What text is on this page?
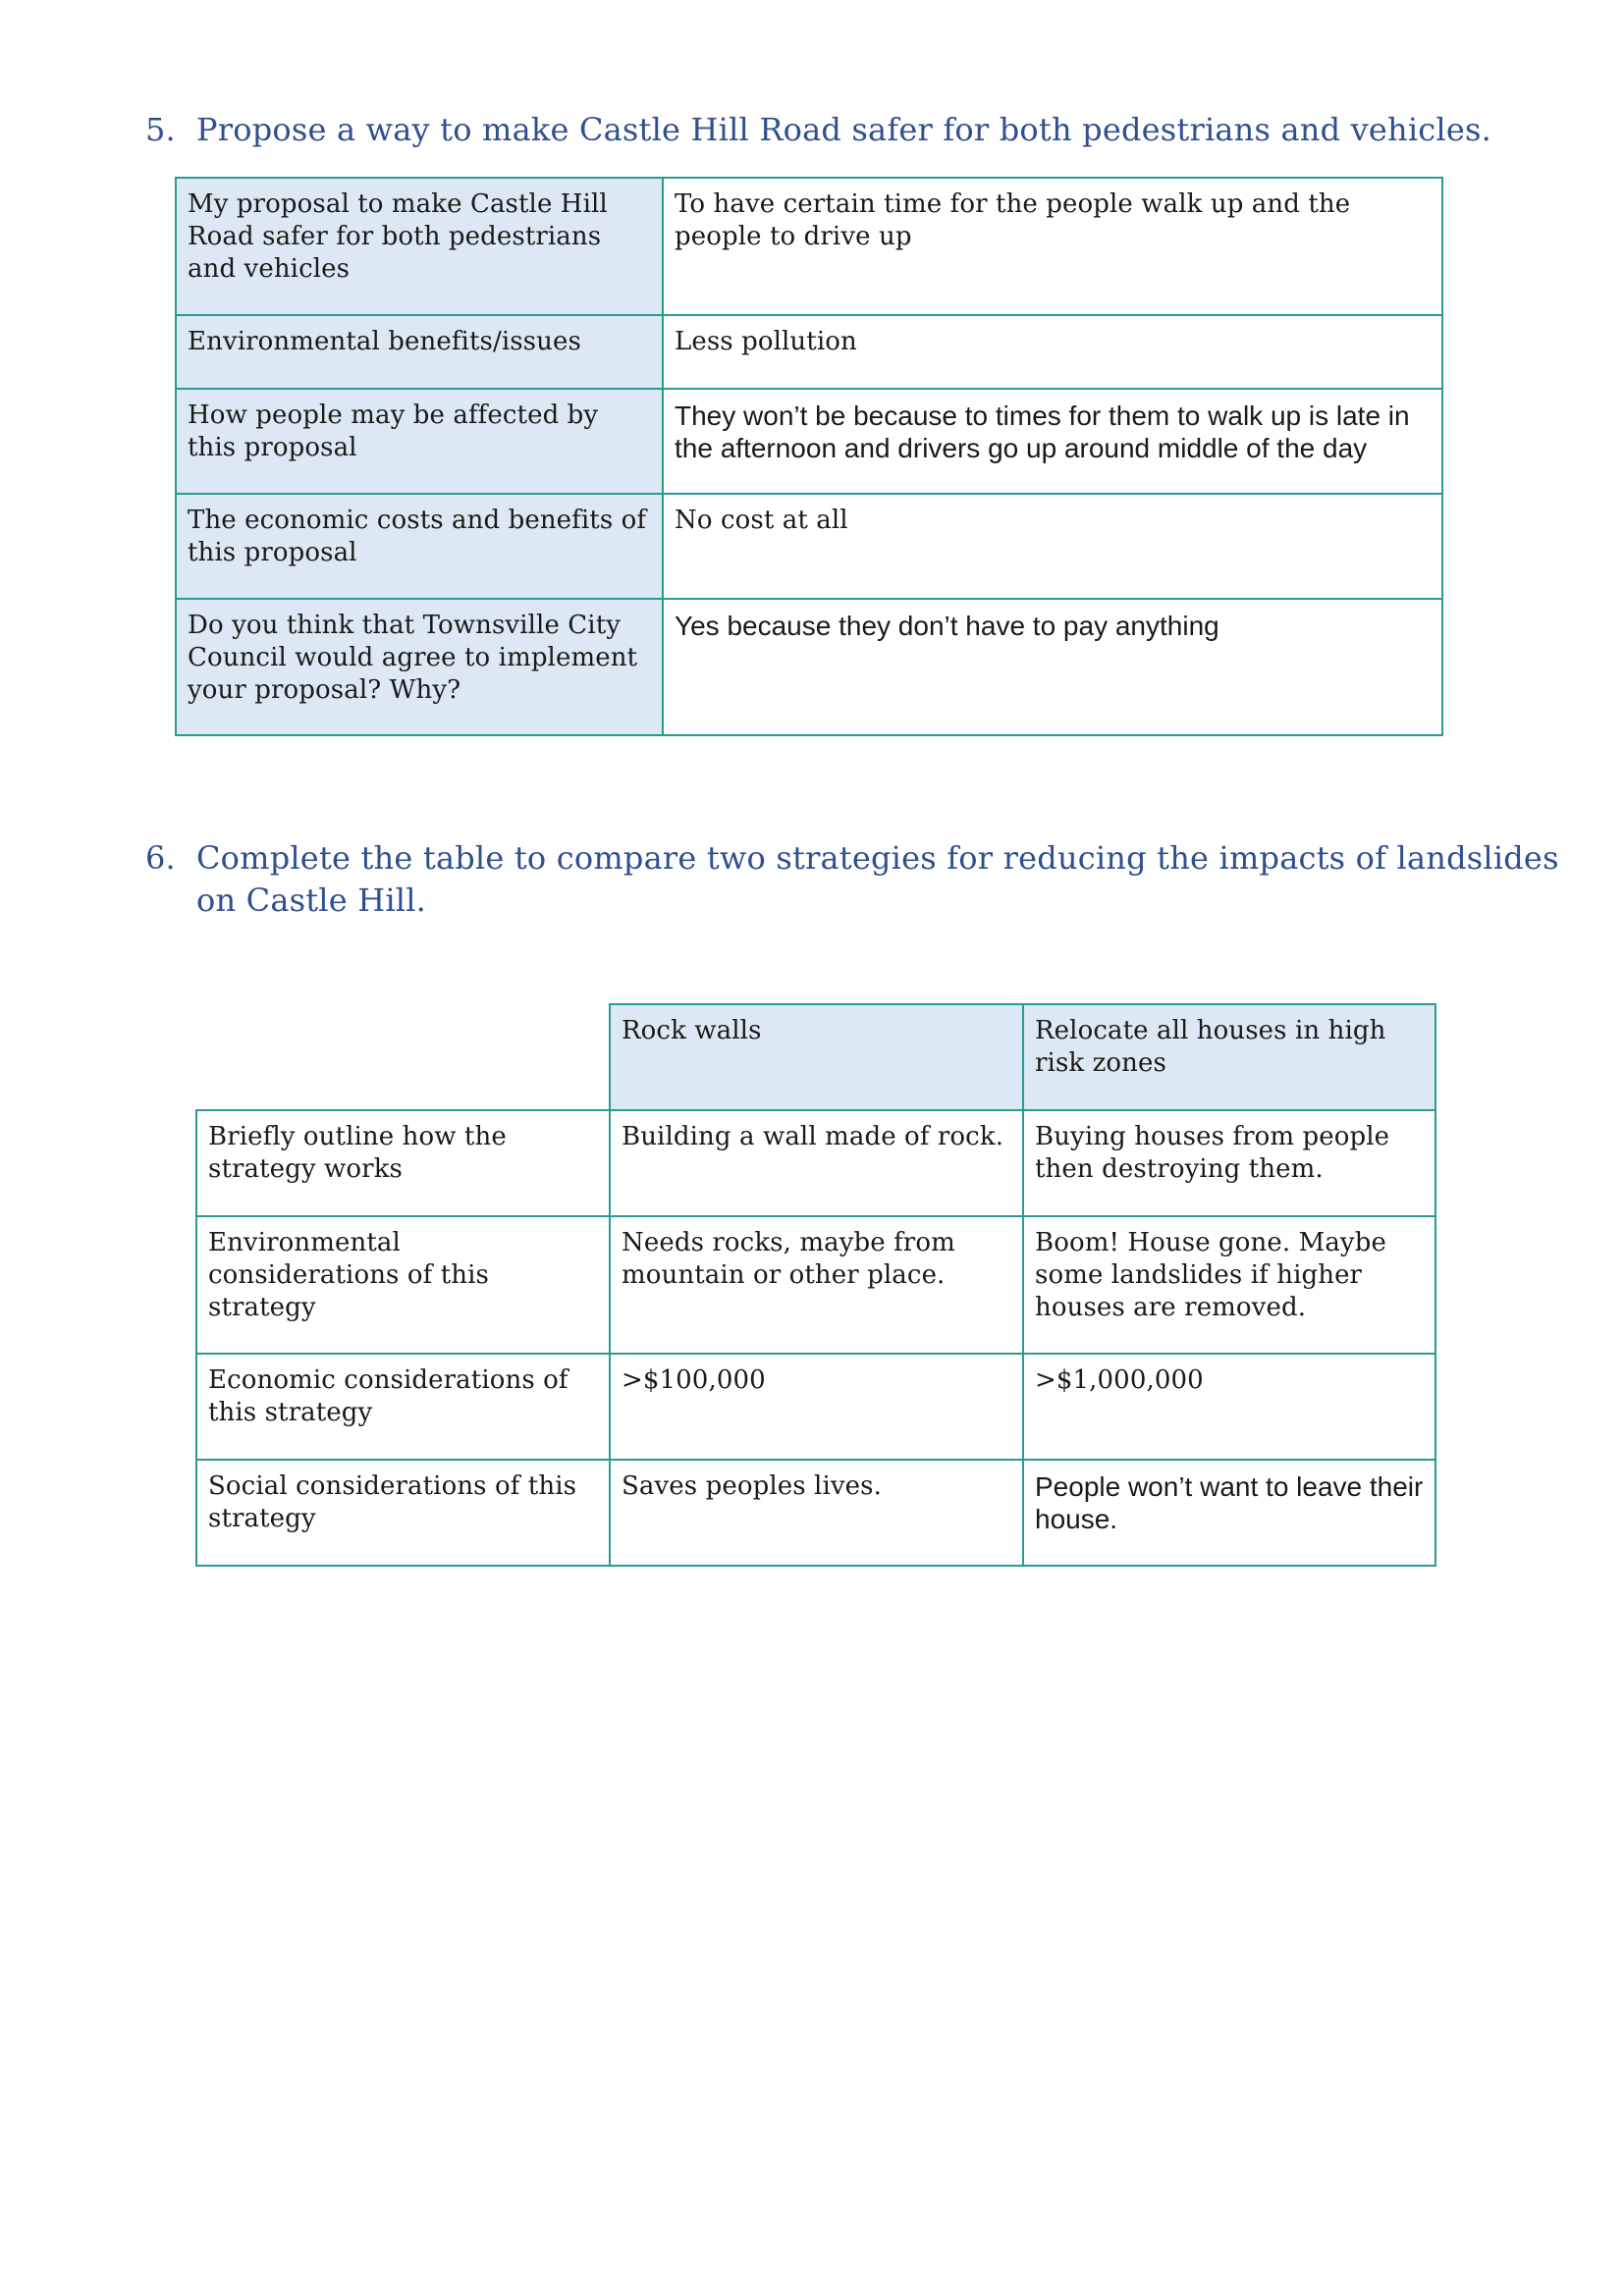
5. Propose a way to make Castle Hill Road safer for both pedestrians and vehicles.
My proposal to make Castle Hill Road safer for both pedestrians and vehicles	To have certain time for the people walk up and the people to drive up
Environmental benefits/issues	Less pollution
How people may be affected by this proposal	They won’t be because to times for them to walk up is late in the afternoon and drivers go up around middle of the day
The economic costs and benefits of this proposal	No cost at all
Do you think that Townsville City Council would agree to implement your proposal? Why?	Yes because they don’t have to pay anything
6. Complete the table to compare two strategies for reducing the impacts of landslides on Castle Hill.
	Rock walls	Relocate all houses in high risk zones
Briefly outline how the strategy works	Building a wall made of rock.	Buying houses from people then destroying them.
Environmental considerations of this strategy	Needs rocks, maybe from mountain or other place.	Boom! House gone. Maybe some landslides if higher houses are removed.
Economic considerations of this strategy	>$100,000	>$1,000,000
Social considerations of this strategy	Saves peoples lives.	People won’t want to leave their house.
